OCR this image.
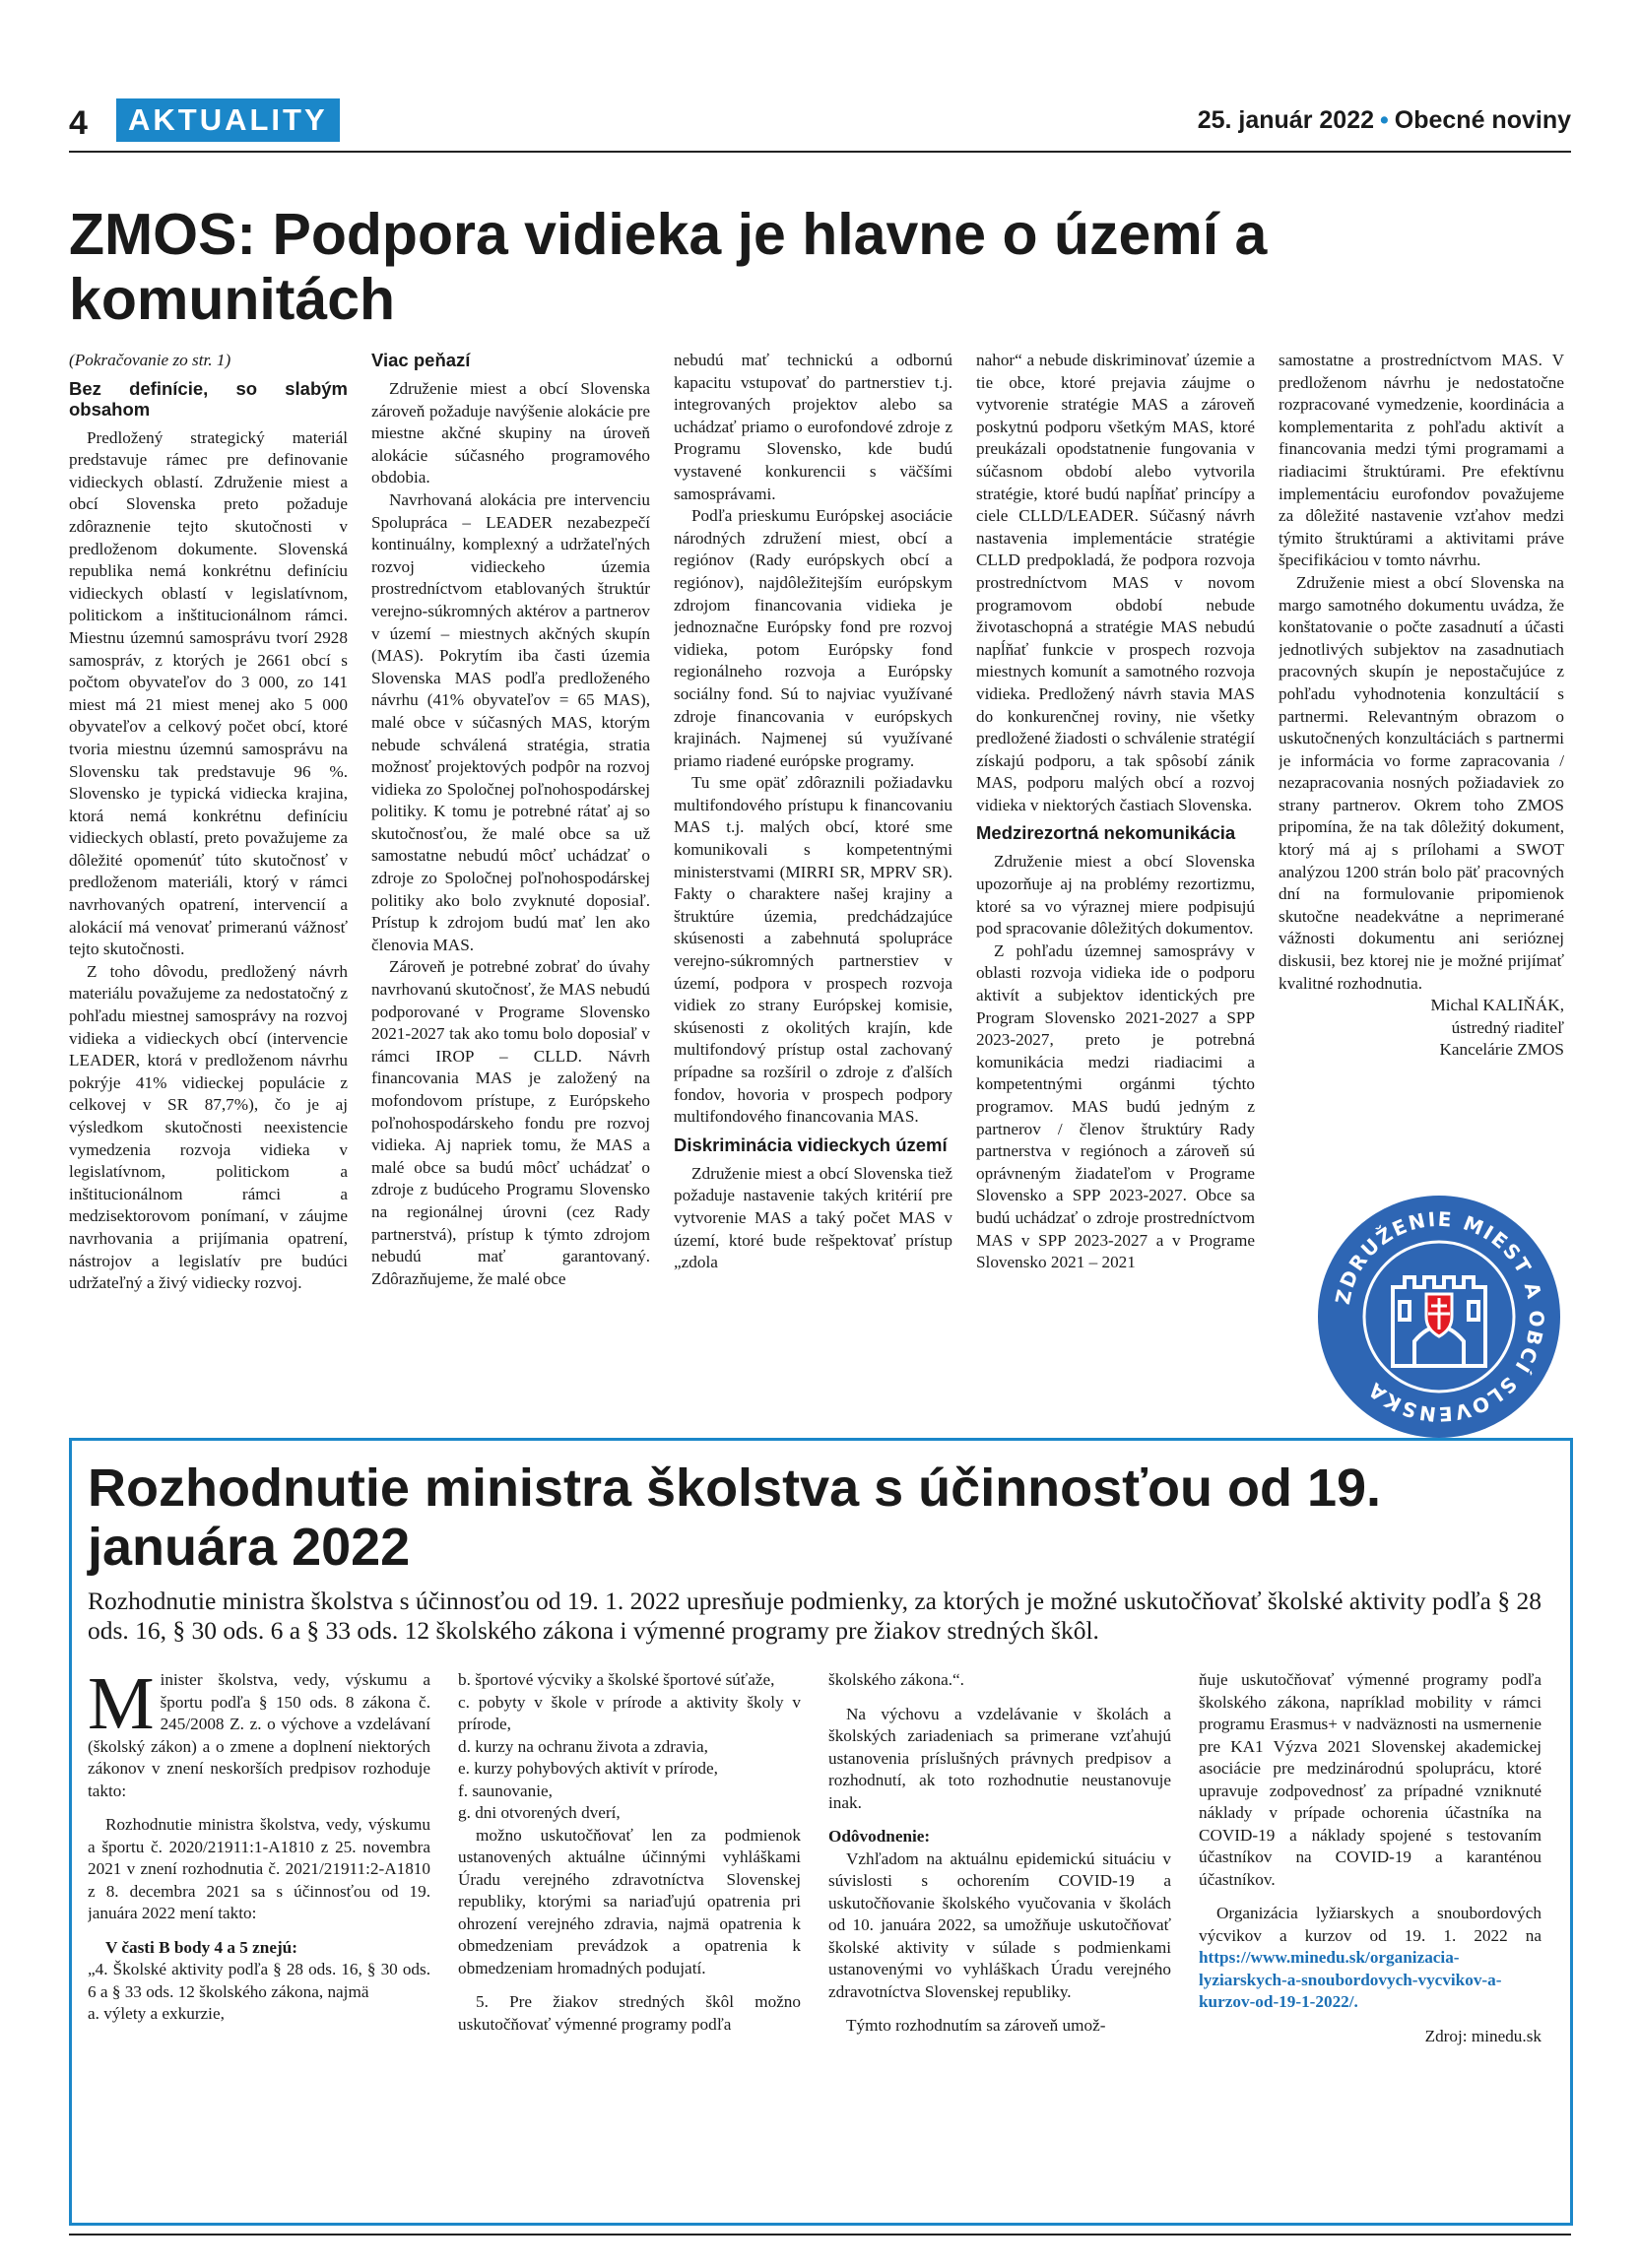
4	AKTUALITY	25. január 2022 • Obecné noviny
ZMOS: Podpora vidieka je hlavne o území a komunitách

(Pokračovanie zo str. 1)

Bez definície, so slabým obsahom

Predložený strategický materiál predstavuje rámec pre definovanie vidieckych oblastí. Združenie miest a obcí Slovenska preto požaduje zdôraznenie tejto skutočnosti v predloženom dokumente. Slovenská republika nemá konkrétnu definíciu vidieckych oblastí v legislatívnom, politickom a inštitucionálnom rámci. Miestnu územnú samosprávu tvorí 2928 samospráv, z ktorých je 2661 obcí s počtom obyvateľov do 3 000, zo 141 miest má 21 miest menej ako 5 000 obyvateľov a celkový počet obcí, ktoré tvoria miestnu územnú samosprávu na Slovensku tak predstavuje 96 %. Slovensko je typická vidiecka krajina, ktorá nemá konkrétnu definíciu vidieckych oblastí, preto považujeme za dôležité opomenúť túto skutočnosť v predloženom materiáli, ktorý v rámci navrhovaných opatrení, intervencií a alokácií má venovať primeranú vážnosť tejto skutočnosti.

Z toho dôvodu, predložený návrh materiálu považujeme za nedostatočný z pohľadu miestnej samosprávy na rozvoj vidieka a vidieckych obcí (intervencie LEADER, ktorá v predloženom návrhu pokrýje 41% vidieckej populácie z celkovej v SR 87,7%), čo je aj výsledkom skutočnosti neexistencie vymedzenia rozvoja vidieka v legislatívnom, politickom a inštitucionálnom rámci a medzisektorovom ponímaní, v záujme navrhovania a prijímania opatrení, nástrojov a legislatív pre budúci udržateľný a živý vidiecky rozvoj.

Viac peňazí

Združenie miest a obcí Slovenska zároveň požaduje navýšenie alokácie pre miestne akčné skupiny na úroveň alokácie súčasného programového obdobia.

Navrhovaná alokácia pre intervenciu Spolupráca – LEADER nezabezpečí kontinuálny, komplexný a udržateľných rozvoj vidieckeho územia prostredníctvom etablovaných štruktúr verejno-súkromných aktérov a partnerov v území – miestnych akčných skupín (MAS). Pokrytím iba časti územia Slovenska MAS podľa predloženého návrhu (41% obyvateľov = 65 MAS), malé obce v súčasných MAS, ktorým nebude schválená stratégia, stratia možnosť projektových podpôr na rozvoj vidieka zo Spoločnej poľnohospodárskej politiky. K tomu je potrebné rátať aj so skutočnosťou, že malé obce sa už samostatne nebudú môcť uchádzať o zdroje zo Spoločnej poľnohospodárskej politiky ako bolo zvyknuté doposiaľ. Prístup k zdrojom budú mať len ako členovia MAS.

Zároveň je potrebné zobrať do úvahy navrhovanú skutočnosť, že MAS nebudú podporované v Programe Slovensko 2021-2027 tak ako tomu bolo doposiaľ v rámci IROP – CLLD. Návrh financovania MAS je založený na mofondovom prístupe, z Európskeho poľnohospodárskeho fondu pre rozvoj vidieka. Aj napriek tomu, že MAS a malé obce sa budú môcť uchádzať o zdroje z budúceho Programu Slovensko na regionálnej úrovni (cez Rady partnerstvá), prístup k týmto zdrojom nebudú mať garantovaný. Zdôrazňujeme, že malé obce

nebudú mať technickú a odbornú kapacitu vstupovať do partnerstiev t.j. integrovaných projektov alebo sa uchádzať priamo o eurofondové zdroje z Programu Slovensko, kde budú vystavené konkurencii s väčšími samosprávami.

Podľa prieskumu Európskej asociácie národných združení miest, obcí a regiónov (Rady európskych obcí a regiónov), najdôležitejším európskym zdrojom financovania vidieka je jednoznačne Európsky fond pre rozvoj vidieka, potom Európsky fond regionálneho rozvoja a Európsky sociálny fond. Sú to najviac využívané zdroje financovania v európskych krajinách. Najmenej sú využívané priamo riadené európske programy.

Tu sme opäť zdôraznili požiadavku multifondového prístupu k financovaniu MAS t.j. malých obcí, ktoré sme komunikovali s kompetentnými ministerstvami (MIRRI SR, MPRV SR). Fakty o charaktere našej krajiny a štruktúre územia, predchádzajúce skúsenosti a zabehnutá spolupráce verejno-súkromných partnerstiev v území, podpora v prospech rozvoja vidiek zo strany Európskej komisie, skúsenosti z okolitých krajín, kde multifondový prístup ostal zachovaný prípadne sa rozšíril o zdroje z ďalších fondov, hovoria v prospech podpory multifondového financovania MAS.

Diskriminácia vidieckych území

Združenie miest a obcí Slovenska tiež požaduje nastavenie takých kritérií pre vytvorenie MAS a taký počet MAS v území, ktoré bude rešpektovať prístup „zdola

nahor“ a nebude diskriminovať územie a tie obce, ktoré prejavia záujme o vytvorenie stratégie MAS a zároveň poskytnú podporu všetkým MAS, ktoré preukázali opodstatnenie fungovania v súčasnom období alebo vytvorila stratégie, ktoré budú napĺňať princípy a ciele CLLD/LEADER. Súčasný návrh nastavenia implementácie stratégie CLLD predpokladá, že podpora rozvoja prostredníctvom MAS v novom programovom období nebude životaschopná a stratégie MAS nebudú napĺňať funkcie v prospech rozvoja miestnych komunít a samotného rozvoja vidieka. Predložený návrh stavia MAS do konkurenčnej roviny, nie všetky predložené žiadosti o schválenie stratégií získajú podporu, a tak spôsobí zánik MAS, podporu malých obcí a rozvoj vidieka v niektorých častiach Slovenska.

Medzirezortná nekomunikácia

Združenie miest a obcí Slovenska upozorňuje aj na problémy rezortizmu, ktoré sa vo výraznej miere podpisujú pod spracovanie dôležitých dokumentov.

Z pohľadu územnej samosprávy v oblasti rozvoja vidieka ide o podporu aktivít a subjektov identických pre Program Slovensko 2021-2027 a SPP 2023-2027, preto je potrebná komunikácia medzi riadiacimi a kompetentnými orgánmi týchto programov. MAS budú jedným z partnerov / členov štruktúry Rady partnerstva v regiónoch a zároveň sú oprávneným žiadateľom v Programe Slovensko a SPP 2023-2027. Obce sa budú uchádzať o zdroje prostredníctvom MAS v SPP 2023-2027 a v Programe Slovensko 2021 – 2021

samostatne a prostredníctvom MAS. V predloženom návrhu je nedostatočne rozpracované vymedzenie, koordinácia a komplementarita z pohľadu aktivít a financovania medzi tými programami a riadiacimi štruktúrami. Pre efektívnu implementáciu eurofondov považujeme za dôležité nastavenie vzťahov medzi týmito štruktúrami a aktivitami práve špecifikáciou v tomto návrhu.

Združenie miest a obcí Slovenska na margo samotného dokumentu uvádza, že konštatovanie o počte zasadnutí a účasti jednotlivých subjektov na zasadnutiach pracovných skupín je nepostačujúce z pohľadu vyhodnotenia konzultácií s partnermi. Relevantným obrazom o uskutočnených konzultáciách s partnermi je informácia vo forme zapracovania / nezapracovania nosných požiadaviek zo strany partnerov. Okrem toho ZMOS pripomína, že na tak dôležitý dokument, ktorý má aj s prílohami a SWOT analýzou 1200 strán bolo päť pracovných dní na formulovanie pripomienok skutočne neadekvátne a neprimerané vážnosti dokumentu ani serióznej diskusii, bez ktorej nie je možné prijímať kvalitné rozhodnutia.

Michal KALIŇÁK,

ústredný riaditeľ

Kancelárie ZMOS

ZDRUŽENIE MIEST A OBCÍ SLOVENSKA
Rozhodnutie ministra školstva s účinnosťou od 19. januára 2022

Rozhodnutie ministra školstva s účinnosťou od 19. 1. 2022 upresňuje podmienky, za ktorých je možné uskutočňovať školské aktivity podľa § 28 ods. 16, § 30 ods. 6 a § 33 ods. 12 školského zákona i výmenné programy pre žiakov stredných škôl.

Minister školstva, vedy, výskumu a športu podľa § 150 ods. 8 zákona č. 245/2008 Z. z. o výchove a vzdelávaní (školský zákon) a o zmene a doplnení niektorých zákonov v znení neskorších predpisov rozhoduje takto:

Rozhodnutie ministra školstva, vedy, výskumu a športu č. 2020/21911:1-A1810 z 25. novembra 2021 v znení rozhodnutia č. 2021/21911:2-A1810 z 8. decembra 2021 sa s účinnosťou od 19. januára 2022 mení takto:

V časti B body 4 a 5 znejú:

„4. Školské aktivity podľa § 28 ods. 16, § 30 ods. 6 a § 33 ods. 12 školského zákona, najmä

a. výlety a exkurzie,

b. športové výcviky a školské športové súťaže,

c. pobyty v škole v prírode a aktivity školy v prírode,

d. kurzy na ochranu života a zdravia,

e. kurzy pohybových aktivít v prírode,

f. saunovanie,

g. dni otvorených dverí,

možno uskutočňovať len za podmienok ustanovených aktuálne účinnými vyhláškami Úradu verejného zdravotníctva Slovenskej republiky, ktorými sa nariaďujú opatrenia pri ohrození verejného zdravia, najmä opatrenia k obmedzeniam prevádzok a opatrenia k obmedzeniam hromadných podujatí.

5. Pre žiakov stredných škôl možno uskutočňovať výmenné programy podľa

školského zákona.“.

Na výchovu a vzdelávanie v školách a školských zariadeniach sa primerane vzťahujú ustanovenia príslušných právnych predpisov a rozhodnutí, ak toto rozhodnutie neustanovuje inak.

Odôvodnenie:

Vzhľadom na aktuálnu epidemickú situáciu v súvislosti s ochorením COVID-19 a uskutočňovanie školského vyučovania v školách od 10. januára 2022, sa umožňuje uskutočňovať školské aktivity v súlade s podmienkami ustanovenými vo vyhláškach Úradu verejného zdravotníctva Slovenskej republiky.

Týmto rozhodnutím sa zároveň umož-

ňuje uskutočňovať výmenné programy podľa školského zákona, napríklad mobility v rámci programu Erasmus+ v nadväznosti na usmernenie pre KA1 Výzva 2021 Slovenskej akademickej asociácie pre medzinárodnú spoluprácu, ktoré upravuje zodpovednosť za prípadné vzniknuté náklady v prípade ochorenia účastníka na COVID-19 a náklady spojené s testovaním účastníkov na COVID-19 a karanténou účastníkov.

Organizácia lyžiarskych a snoubordových výcvikov a kurzov od 19. 1. 2022 na https://www.minedu.sk/organizacia-lyziarskych-a-snoubordovych-vycvikov-a-kurzov-od-19-1-2022/.

Zdroj: minedu.sk
